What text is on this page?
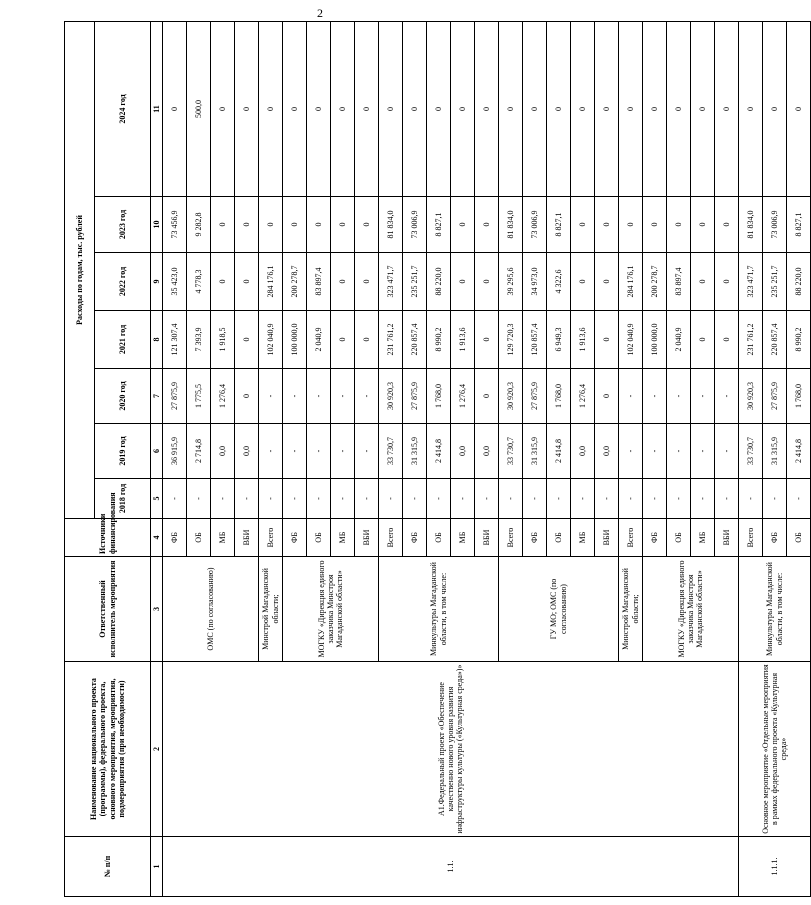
2
№ п/п	Наименование национального проекта (программы), федерального проекта, основного мероприятия, мероприятия, подмероприятия (при необходимости)	Ответственный исполнитель мероприятия	Источники финансирования	Расходы по годам, тыс. рублей						
				2018 год	2019 год	2020 год	2021 год	2022 год	2023 год	2024 год
1	2	3	4	5	6	7	8	9	10	11
1.1.	А1.Федеральный проект «Обеспечение качественно нового уровня развития инфраструктуры культуры («Культурная среда»)»	ОМС (по согласованию)	ФБ	-	36 915,9	27 875,9	121 307,4	35 423,0	73 456,9	0
			ОБ	-	2 714,8	1 775,5	7 393,9	4 778,3	9 282,8	500,0
			МБ	-	0,0	1 276,4	1 918,5	0	0	0
			ВБИ	-	0,0	0	0	0	0	0
		Минстрой Магаданской области;	Всего	-	-	-	102 040,9	284 176,1	0	0
		МОГКУ «Дирекция единого заказчика Минстроя Магаданской области»	ФБ	-	-	-	100 000,0	200 278,7	0	0
			ОБ	-	-	-	2 040,9	83 897,4	0	0
			МБ	-	-	-	0	0	0	0
			ВБИ	-	-	-	0	0	0	0
		Минкультуры Магаданской области, в том числе:	Всего	-	33 730,7	30 920,3	231 761,2	323 471,7	81 834,0	0
			ФБ	-	31 315,9	27 875,9	220 857,4	235 251,7	73 006,9	0
			ОБ	-	2 414,8	1 768,0	8 990,2	88 220,0	8 827,1	0
			МБ	-	0,0	1 276,4	1 913,6	0	0	0
			ВБИ	-	0,0	0	0	0	0	0
		ГУ МО; ОМС (по согласованию)	Всего	-	33 730,7	30 920,3	129 720,3	39 295,6	81 834,0	0
			ФБ	-	31 315,9	27 875,9	120 857,4	34 973,0	73 006,9	0
			ОБ	-	2 414,8	1 768,0	6 949,3	4 322,6	8 827,1	0
			МБ	-	0,0	1 276,4	1 913,6	0	0	0
			ВБИ	-	0,0	0	0	0	0	0
		Минстрой Магаданской области;	Всего	-	-	-	102 040,9	284 176,1	0	0
		МОГКУ «Дирекция единого заказчика Минстроя Магаданской области»	ФБ	-	-	-	100 000,0	200 278,7	0	0
			ОБ	-	-	-	2 040,9	83 897,4	0	0
			МБ	-	-	-	0	0	0	0
			ВБИ	-	-	-	0	0	0	0
1.1.1.	Основное мероприятие «Отдельные мероприятия в рамках федерального проекта «Культурная среда»	Минкультуры Магаданской области, в том числе:	Всего	-	33 730,7	30 920,3	231 761,2	323 471,7	81 834,0	0
			ФБ	-	31 315,9	27 875,9	220 857,4	235 251,7	73 006,9	0
			ОБ	-	2 414,8	1 768,0	8 990,2	88 220,0	8 827,1	0
